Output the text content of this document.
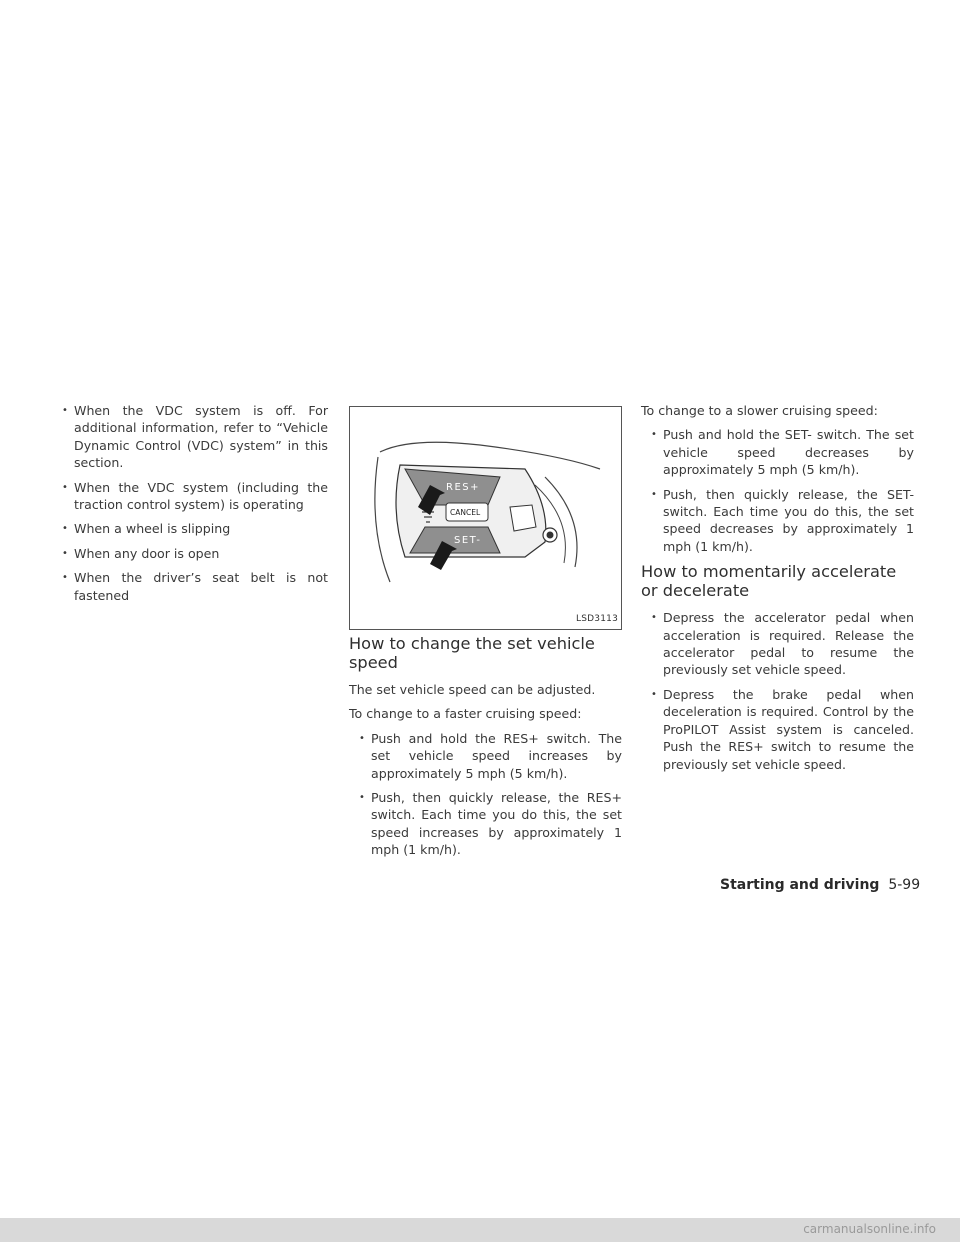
• When the VDC system is off. For additional information, refer to “Vehicle Dynamic Control (VDC) system” in this section.
• When the VDC system (including the traction control system) is operating
• When a wheel is slipping
• When any door is open
• When the driver’s seat belt is not fastened
RES+
CANCEL
SET-
LSD3113
How to change the set vehicle speed

The set vehicle speed can be adjusted.

To change to a faster cruising speed:

• Push and hold the RES+ switch. The set vehicle speed increases by approximately 5 mph (5 km/h).
• Push, then quickly release, the RES+ switch. Each time you do this, the set speed increases by approximately 1 mph (1 km/h).

To change to a slower cruising speed:

• Push and hold the SET- switch. The set vehicle speed decreases by approximately 5 mph (5 km/h).
• Push, then quickly release, the SET- switch. Each time you do this, the set speed decreases by approximately 1 mph (1 km/h).
How to momentarily accelerate or decelerate
• Depress the accelerator pedal when acceleration is required. Release the accelerator pedal to resume the previously set vehicle speed.
• Depress the brake pedal when deceleration is required. Control by the ProPILOT Assist system is canceled. Push the RES+ switch to resume the previously set vehicle speed.
Starting and driving 5-99
carmanualsonline.info
